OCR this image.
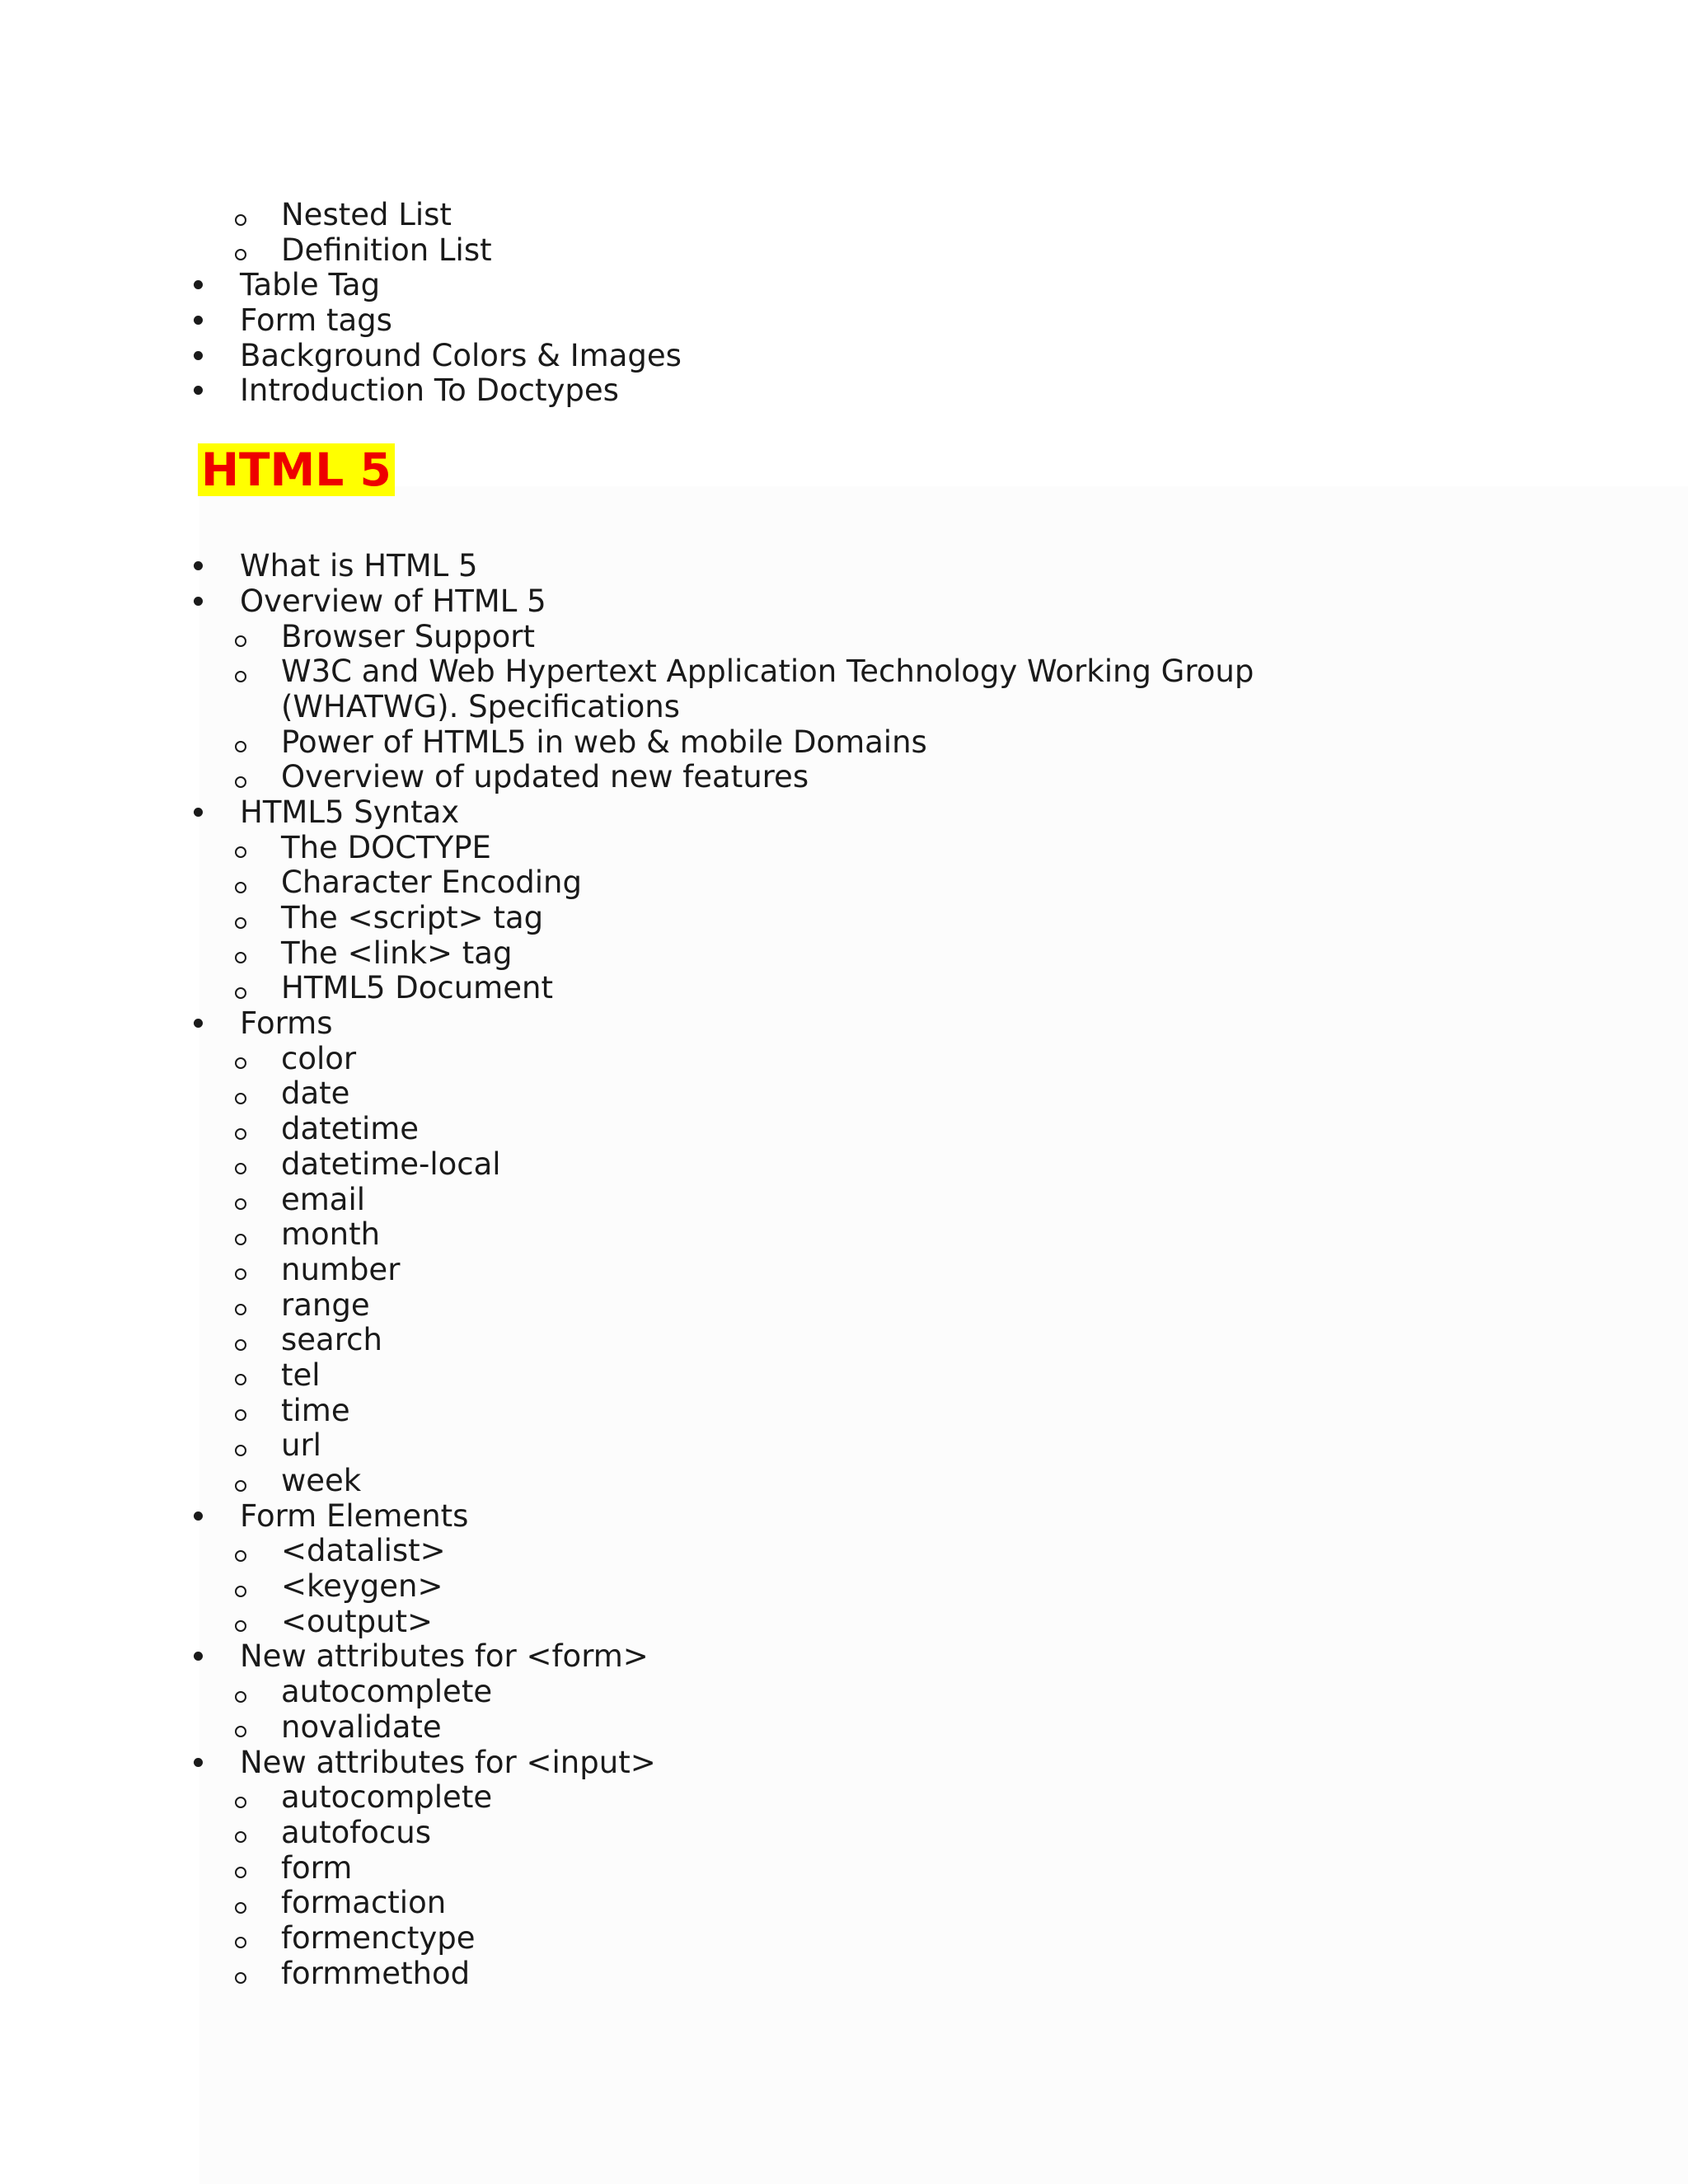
Nested List
Definition List
Table Tag
Form tags
Background Colors & Images
Introduction To Doctypes
HTML 5
What is HTML 5
Overview of HTML 5
Browser Support
W3C and Web Hypertext Application Technology Working Group (WHATWG). Specifications
Power of HTML5 in web & mobile Domains
Overview of updated new features
HTML5 Syntax
The DOCTYPE
Character Encoding
The <script> tag
The <link> tag
HTML5 Document
Forms
color
date
datetime
datetime-local
email
month
number
range
search
tel
time
url
week
Form Elements
<datalist>
<keygen>
<output>
New attributes for <form>
autocomplete
novalidate
New attributes for <input>
autocomplete
autofocus
form
formaction
formenctype
formmethod
